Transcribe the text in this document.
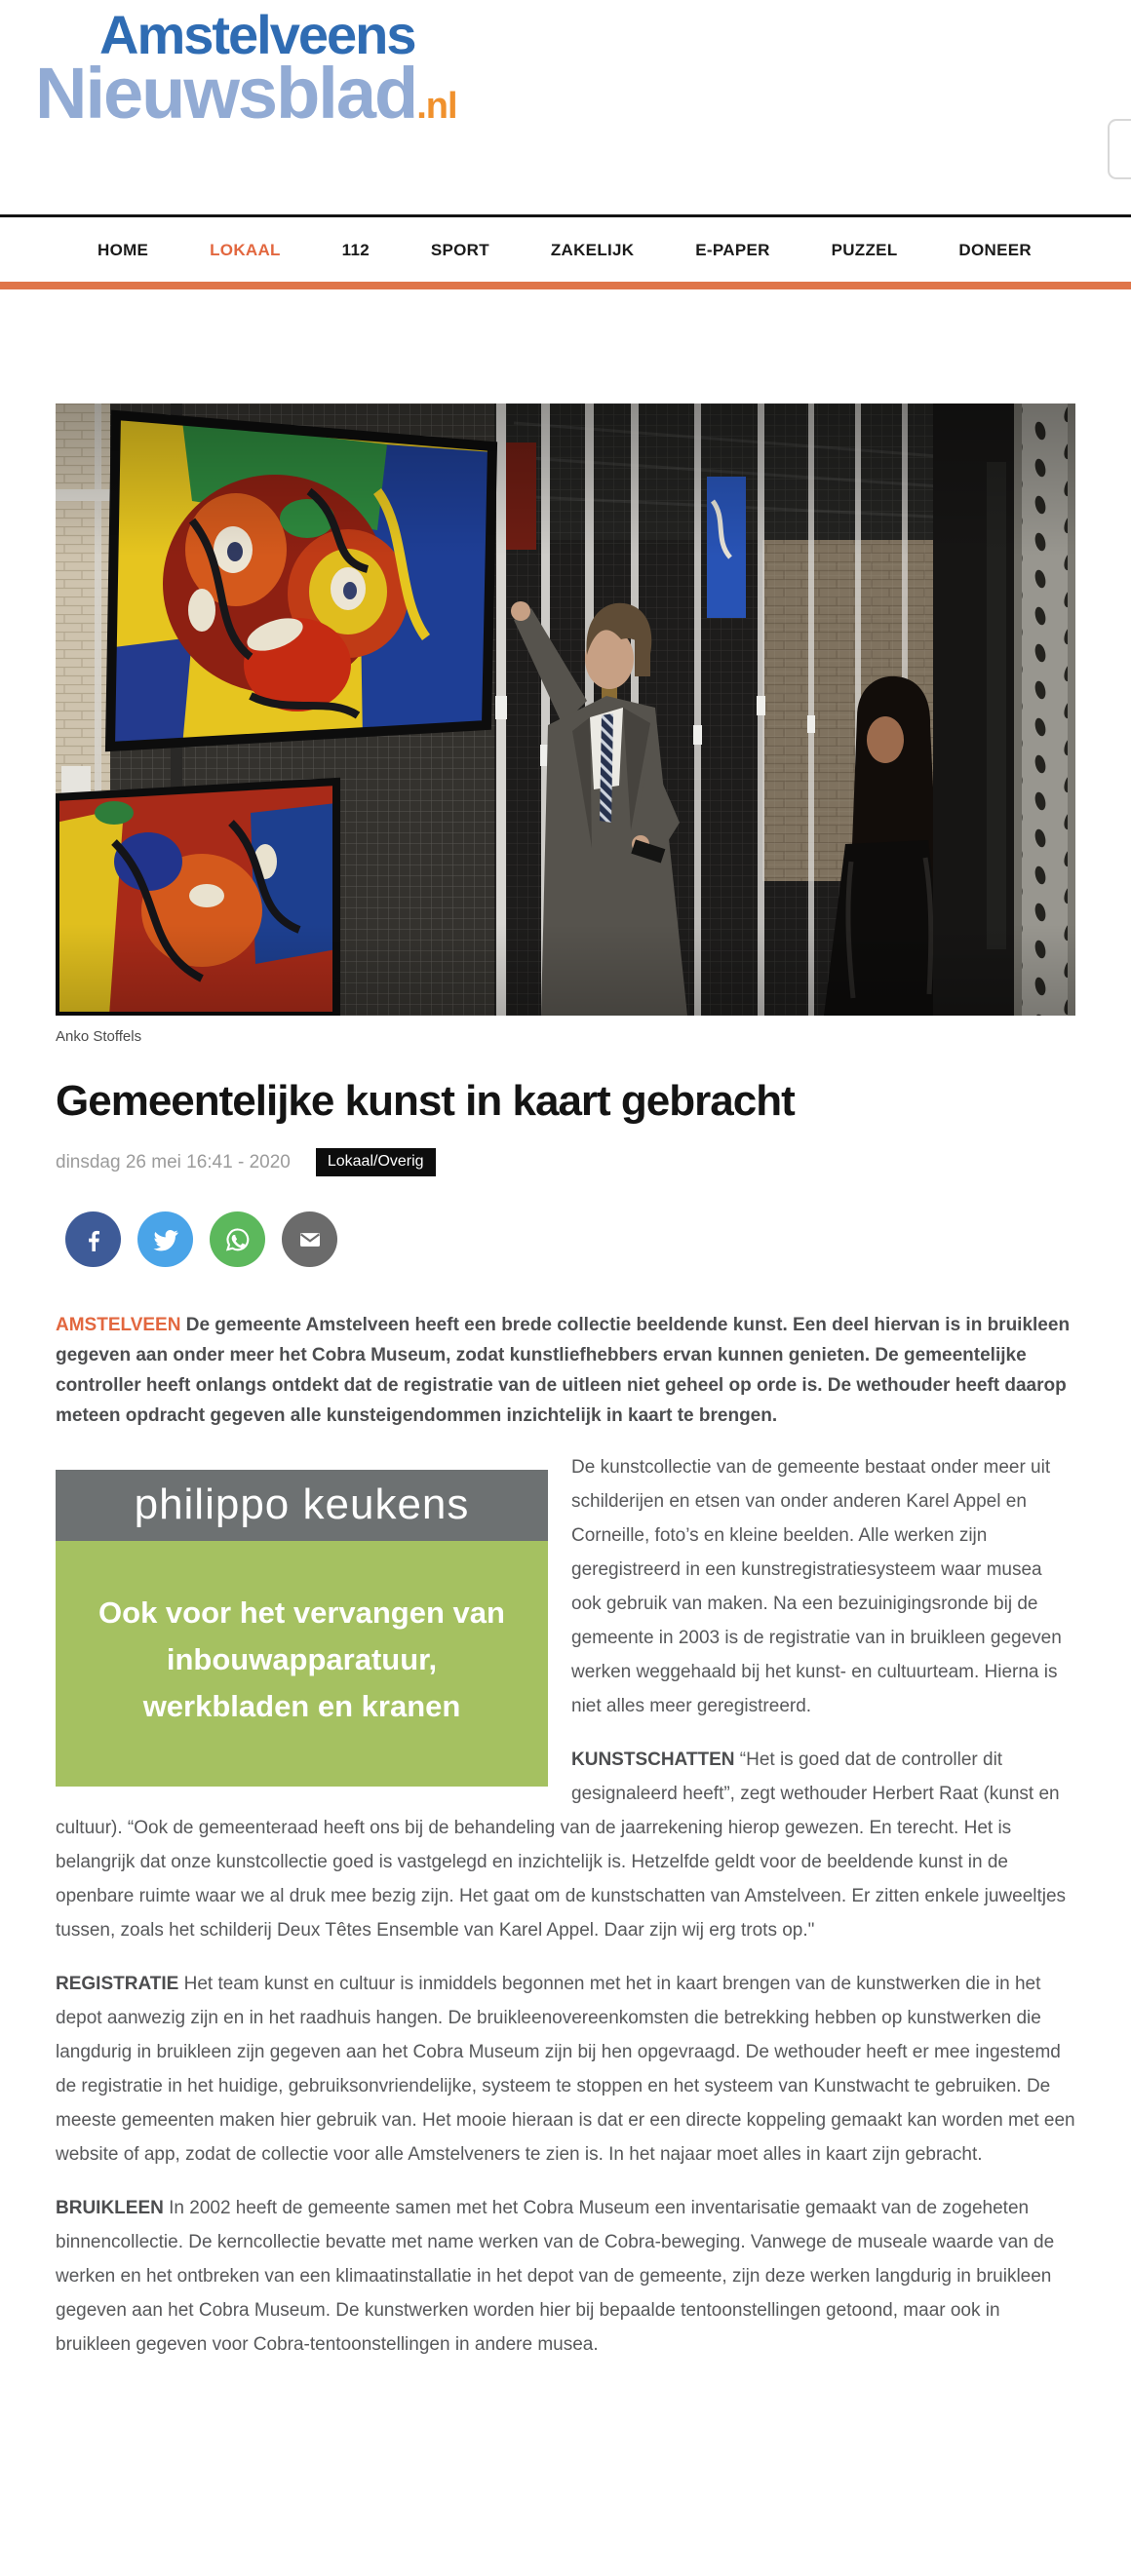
Amstelveens
Nieuwsblad.nl
HOME	LOKAAL	112	SPORT	ZAKELIJK	E-PAPER	PUZZEL	DONEER
Anko Stoffels
Gemeentelijke kunst in kaart gebracht
dinsdag 26 mei 16:41 - 2020	Lokaal/Overig

AMSTELVEEN De gemeente Amstelveen heeft een brede collectie beeldende kunst. Een deel hiervan is in bruikleen gegeven aan onder meer het Cobra Museum, zodat kunstliefhebbers ervan kunnen genieten. De gemeentelijke controller heeft onlangs ontdekt dat de registratie van de uitleen niet geheel op orde is. De wethouder heeft daarop meteen opdracht gegeven alle kunsteigendommen inzichtelijk in kaart te brengen.

philippo keukens
Ook voor het vervangen van inbouwapparatuur, werkbladen en kranen

De kunstcollectie van de gemeente bestaat onder meer uit schilderijen en etsen van onder anderen Karel Appel en Corneille, foto’s en kleine beelden. Alle werken zijn geregistreerd in een kunstregistratiesysteem waar musea ook gebruik van maken. Na een bezuinigingsronde bij de gemeente in 2003 is de registratie van in bruikleen gegeven werken weggehaald bij het kunst- en cultuurteam. Hierna is niet alles meer geregistreerd.

KUNSTSCHATTEN “Het is goed dat de controller dit gesignaleerd heeft”, zegt wethouder Herbert Raat (kunst en cultuur). “Ook de gemeenteraad heeft ons bij de behandeling van de jaarrekening hierop gewezen. En terecht. Het is belangrijk dat onze kunstcollectie goed is vastgelegd en inzichtelijk is. Hetzelfde geldt voor de beeldende kunst in de openbare ruimte waar we al druk mee bezig zijn. Het gaat om de kunstschatten van Amstelveen. Er zitten enkele juweeltjes tussen, zoals het schilderij Deux Têtes Ensemble van Karel Appel. Daar zijn wij erg trots op."

REGISTRATIE Het team kunst en cultuur is inmiddels begonnen met het in kaart brengen van de kunstwerken die in het depot aanwezig zijn en in het raadhuis hangen. De bruikleenovereenkomsten die betrekking hebben op kunstwerken die langdurig in bruikleen zijn gegeven aan het Cobra Museum zijn bij hen opgevraagd. De wethouder heeft er mee ingestemd de registratie in het huidige, gebruiksonvriendelijke, systeem te stoppen en het systeem van Kunstwacht te gebruiken. De meeste gemeenten maken hier gebruik van. Het mooie hieraan is dat er een directe koppeling gemaakt kan worden met een website of app, zodat de collectie voor alle Amstelveners te zien is. In het najaar moet alles in kaart zijn gebracht.

BRUIKLEEN In 2002 heeft de gemeente samen met het Cobra Museum een inventarisatie gemaakt van de zogeheten binnencollectie. De kerncollectie bevatte met name werken van de Cobra-beweging. Vanwege de museale waarde van de werken en het ontbreken van een klimaatinstallatie in het depot van de gemeente, zijn deze werken langdurig in bruikleen gegeven aan het Cobra Museum. De kunstwerken worden hier bij bepaalde tentoonstellingen getoond, maar ook in bruikleen gegeven voor Cobra-tentoonstellingen in andere musea.
